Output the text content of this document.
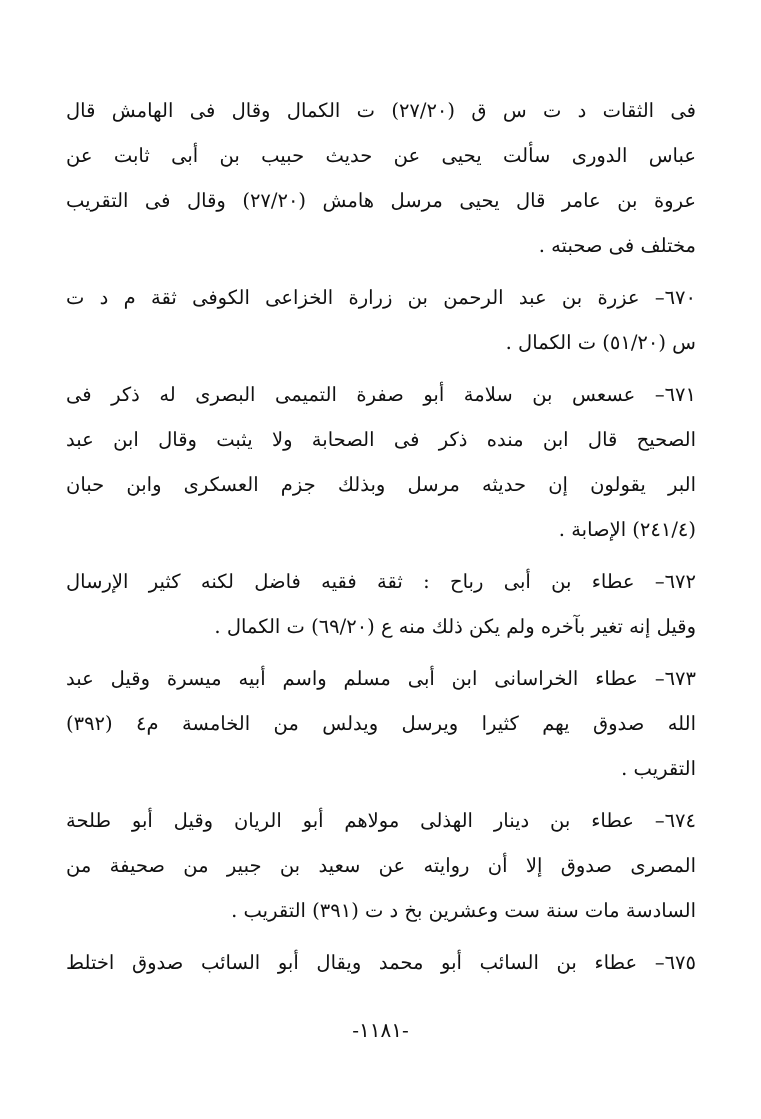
فى الثقات د ت س ق (٢٧/٢٠) ت الكمال وقال فى الهامش قال
عباس الدورى سألت يحيى عن حديث حبيب بن أبى ثابت عن
عروة بن عامر قال يحيى مرسل هامش (٢٧/٢٠) وقال فى التقريب
مختلف فى صحبته .
٦٧٠– عزرة بن عبد الرحمن بن زرارة الخزاعى الكوفى ثقة م د ت
س (٥١/٢٠) ت الكمال .
٦٧١– عسعس بن سلامة أبو صفرة التميمى البصرى له ذكر فى
الصحيح قال ابن منده ذكر فى الصحابة ولا يثبت وقال ابن عبد
البر يقولون إن حديثه مرسل وبذلك جزم العسكرى وابن حبان
(٢٤١/٤) الإصابة .
٦٧٢– عطاء بن أبى رباح : ثقة فقيه فاضل لكنه كثير الإرسال
وقيل إنه تغير بآخره ولم يكن ذلك منه ع (٦٩/٢٠) ت الكمال .
٦٧٣– عطاء الخراسانى ابن أبى مسلم واسم أبيه ميسرة وقيل عبد
الله صدوق يهم كثيرا ويرسل ويدلس من الخامسة م٤ (٣٩٢)
التقريب .
٦٧٤– عطاء بن دينار الهذلى مولاهم أبو الريان وقيل أبو طلحة
المصرى صدوق إلا أن روايته عن سعيد بن جبير من صحيفة من
السادسة مات سنة ست وعشرين بخ د ت (٣٩١) التقريب .
٦٧٥– عطاء بن السائب أبو محمد ويقال أبو السائب صدوق اختلط
-١١٨١-
